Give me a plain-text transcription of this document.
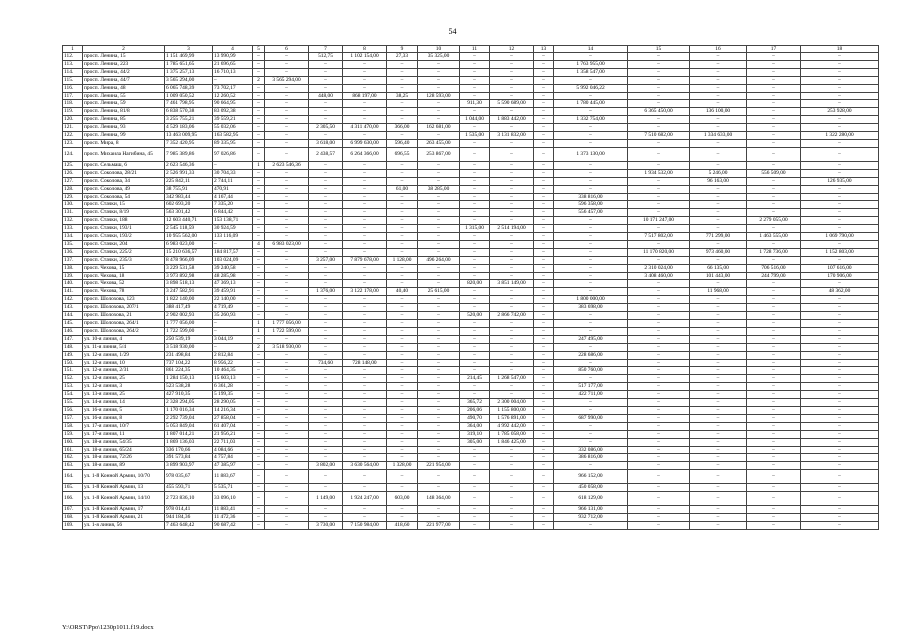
54
1	2	3	4	5	6	7	8	9	10	11	12	13	14	15	16	17	18
112.	просп. Ленина, 15	1 151 469,99	13 990,99	–	–	512,75	1 102 154,00	27,33	35 325,00	–	–	–	–	–	–	–	–
113.	просп. Ленина, 223	1 785 651,65	21 696,65	–	–	–	–	–	–	–	–	–	1 763 955,00	–	–	–	–
114.	просп. Ленина, 44/2	1 375 257,13	16 710,13	–	–	–	–	–	–	–	–	–	1 358 547,00	–	–	–	–
115.	просп. Ленина, 44/7	3 565 294,00	–	2	3 565 294,00	–	–	–	–	–	–	–	–	–	–	–	–
116.	просп. Ленина, 48	6 065 748,39	73 702,17	–	–	–	–	–	–	–	–	–	5 992 046,22	–	–	–	–
117.	просп. Ленина, 55	1 009 050,52	12 260,52	–	–	448,00	868 197,00	38,25	128 593,00	–	–	–	–	–	–	–	–
118.	просп. Ленина, 59	7 461 798,95	90 664,95	–	–	–	–	–	–	911,30	5 590 689,00	–	1 780 445,00	–	–	–	–
119.	просп. Ленина, 81/8	6 838 570,38	83 092,38	–	–	–	–	–	–	–	–	–	–	6 365 450,00	136 100,00	–	253 928,00
120.	просп. Ленина, 85	3 255 755,21	39 559,21	–	–	–	–	–	–	1 044,00	1 883 442,00	–	1 332 754,00	–	–	–	–
121.	просп. Ленина, 93	4 529 183,06	55 032,06	–	–	2 305,50	4 311 470,00	366,00	162 681,00	–	–	–	–	–	–	–	–
122.	просп. Ленина, 99	13 463 009,95	163 582,95	–	–	–	–	–	–	1 535,00	3 131 832,00	–	–	7 510 682,00	1 334 633,00	–	1 322 280,00
123.	просп. Мира, 8	7 352 420,95	89 335,95	–	–	3 618,00	6 999 630,00	596,40	263 455,00	–	–	–	–	–	–	–	–
124.	просп. Михаила Нагибина, 45	7 985 389,86	97 026,86	–	–	2 438,57	6 264 366,00	696,55	253 867,00	–	–	–	1 373 130,00	–	–	–	–
125.	просп. Сельмаш, 6	2 623 546,36	–	1	2 623 546,36	–	–	–	–	–	–	–	–	–	–	–	–
126.	просп. Соколова, 28/21	2 526 991,33	30 704,33	–	–	–	–	–	–	–	–	–	–	1 934 532,00	5 246,00	556 509,00	–
127.	просп. Соколова, 34	225 842,11	2 744,11	–	–	–	–	–	–	–	–	–	–	–	96 163,00	–	126 935,00
128.	просп. Соколова, 49	38 755,91	470,91	–	–	–	–	61,00	38 285,00	–	–	–	–	–	–	–	–
129.	просп. Соколова, 54	342 983,44	4 167,44	–	–	–	–	–	–	–	–	–	338 816,00	–	–	–	–
130.	просп. Стачки, 15	602 693,20	7 335,20	–	–	–	–	–	–	–	–	–	596 358,00	–	–	–	–
131.	просп. Стачки, 8/19	563 301,42	6 844,42	–	–	–	–	–	–	–	–	–	556 457,00	–	–	–	–
132.	просп. Стачки, 188	12 603 440,71	153 138,71	–	–	–	–	–	–	–	–	–	–	10 171 247,00	–	2 279 055,00	–
133.	просп. Стачки, 193/1	2 545 118,59	30 924,59	–	–	–	–	–	–	1 315,00	2 514 194,00	–	–	–	–	–	–
134.	просп. Стачки, 193/2	10 955 562,00	133 116,09	–	–	–	–	–	–	–	–	–	–	7 517 802,00	771 299,00	1 463 555,00	1 069 790,00
135.	просп. Стачки, 204	6 983 023,00	–	4	6 983 023,00	–	–	–	–	–	–	–	–	–	–	–	–
136.	просп. Стачки, 225/2	15 210 636,57	184 817,57	–	–	–	–	–	–	–	–	–	–	11 170 820,00	973 460,00	1 728 736,00	1 152 803,00
137.	просп. Стачки, 235/3	8 478 966,09	103 024,09	–	–	3 257,00	7 879 678,00	1 128,00	496 264,00	–	–	–	–	–	–	–	–
138.	просп. Чехова, 15	3 229 531,58	39 240,58	–	–	–	–	–	–	–	–	–	–	2 310 024,00	66 135,00	706 516,00	107 616,00
139.	просп. Чехова, 18	3 973 892,98	48 285,98	–	–	–	–	–	–	–	–	–	–	3 408 460,00	101 443,00	244 799,00	170 906,00
140.	просп. Чехова, 52	3 898 518,13	47 369,13	–	–	–	–	–	–	820,00	3 851 149,00	–	–	–	–	–	–
141.	просп. Чехова, 78	3 247 582,91	39 459,91	–	–	1 376,00	3 122 178,00	40,40	25 615,00	–	–	–	–	–	11 968,00	–	48 362,00
142.	просп. Шолохова, 123	1 822 140,00	22 140,00	–	–	–	–	–	–	–	–	–	1 800 000,00	–	–	–	–
143.	просп. Шолохова, 207/1	388 417,49	4 719,49	–	–	–	–	–	–	–	–	–	383 698,00	–	–	–	–
144.	просп. Шолохова, 21	2 902 002,93	35 260,93	–	–	–	–	–	–	520,00	2 866 742,00	–	–	–	–	–	–
145.	просп. Шолохова, 264/1	1 777 056,00	–	1	1 777 056,00	–	–	–	–	–	–	–	–	–	–	–	–
146.	просп. Шолохова, 264/2	1 722 599,00	–	1	1 722 599,00	–	–	–	–	–	–	–	–	–	–	–	–
147.	ул. 10-я линия, 4	250 539,19	3 044,19	–	–	–	–	–	–	–	–	–	247 495,00	–	–	–	–
148.	ул. 11-я линия, 5/4	3 518 930,00	–	2	3 518 930,00	–	–	–	–	–	–	–	–	–	–	–	–
149.	ул. 12-я линия, 1/29	231 498,84	2 812,84	–	–	–	–	–	–	–	–	–	228 686,00	–	–	–	–
150.	ул. 12-я линия, 10	737 104,22	8 956,22	–	–	734,60	728 148,00	–	–	–	–	–	–	–	–	–	–
151.	ул. 12-я линия, 2/31	861 224,35	10 464,35	–	–	–	–	–	–	–	–	–	850 760,00	–	–	–	–
152.	ул. 12-я линия, 25	1 284 150,13	15 603,13	–	–	–	–	–	–	214,45	1 268 547,00	–	–	–	–	–	–
153.	ул. 12-я линия, 3	523 538,28	6 361,28	–	–	–	–	–	–	–	–	–	517 177,00	–	–	–	–
154.	ул. 13-я линия, 25	427 910,35	5 199,35	–	–	–	–	–	–	–	–	–	422 711,00	–	–	–	–
155.	ул. 14-я линия, 14	2 328 294,05	28 290,05	–	–	–	–	–	–	365,72	2 300 004,00	–	–	–	–	–	–
156.	ул. 16-я линия, 5	1 170 016,34	14 216,34	–	–	–	–	–	–	206,06	1 155 800,00	–	–	–	–	–	–
157.	ул. 16-я линия, 8	2 292 739,04	27 858,04	–	–	–	–	–	–	490,70	1 576 891,00	–	687 990,00	–	–	–	–
158.	ул. 17-я линия, 10/7	5 053 849,04	61 407,04	–	–	–	–	–	–	364,00	4 992 442,00	–	–	–	–	–	–
159.	ул. 17-я линия, 11	1 807 014,21	21 956,21	–	–	–	–	–	–	319,10	1 785 058,00	–	–	–	–	–	–
160.	ул. 18-я линия, 54/35	1 869 136,03	22 711,03	–	–	–	–	–	–	305,00	1 846 425,00	–	–	–	–	–	–
161.	ул. 18-я линия, 65/24	336 170,66	4 084,66	–	–	–	–	–	–	–	–	–	332 086,00	–	–	–	–
162.	ул. 18-я линия, 72/26	391 573,84	4 757,84	–	–	–	–	–	–	–	–	–	386 816,00	–	–	–	–
163.	ул. 18-я линия, 89	3 899 903,97	47 385,97	–	–	3 802,00	3 630 564,00	1 328,00	221 954,00	–	–	–	–	–	–	–	–
164.	ул. 1-й Конной Армии, 10/70	978 035,67	11 883,67	–	–	–	–	–	–	–	–	–	966 152,00	–	–	–	–
165.	ул. 1-й Конной Армии, 13	455 593,71	5 535,71	–	–	–	–	–	–	–	–	–	450 058,00	–	–	–	–
166.	ул. 1-й Конной Армии, 14/10	2 723 836,10	33 096,10	–	–	1 149,00	1 924 247,00	603,00	148 364,00	–	–	–	618 129,00	–	–	–	–
167.	ул. 1-й Конной Армии, 17	978 014,41	11 883,41	–	–	–	–	–	–	–	–	–	966 131,00	–	–	–	–
168.	ул. 1-й Конной Армии, 21	944 184,36	11 472,36	–	–	–	–	–	–	–	–	–	932 712,00	–	–	–	–
169.	ул. 1-я линия, 56	7 463 648,42	90 687,42	–	–	3 730,00	7 150 984,00	418,60	221 977,00	–	–	–	–	–	–	–	–
Y:\ORST\Ppo\1230p1011.f19.docx
